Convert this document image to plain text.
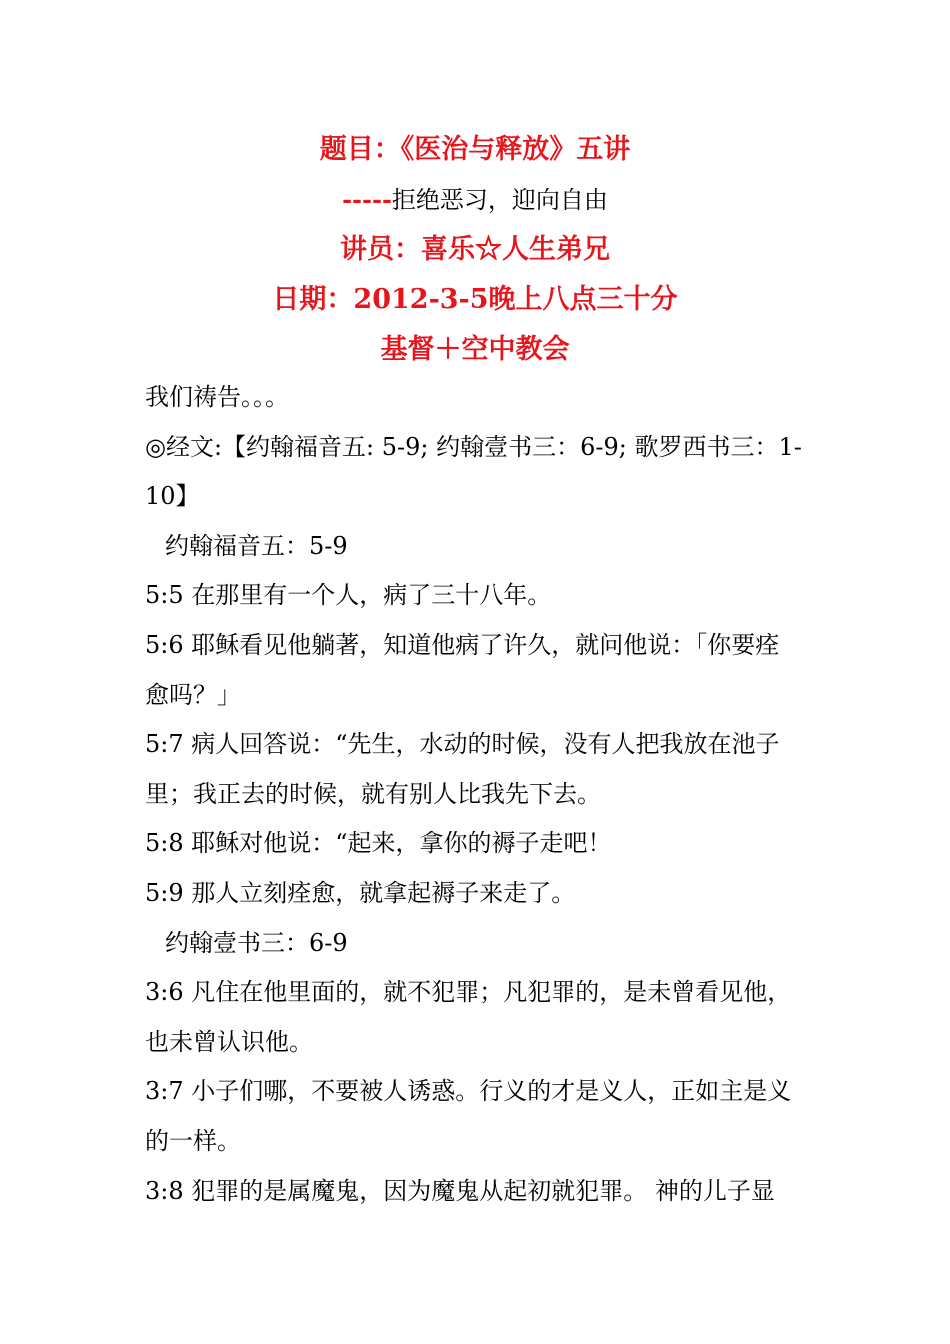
题目：《医治与释放》五讲
-----拒绝恶习，迎向自由
讲员：喜乐☆人生弟兄
日期：2012-3-5晚上八点三十分
基督＋空中教会
我们祷告。。。
◎经文:【约翰福音五: 5-9; 约翰壹书三：6-9; 歌罗西书三：1-
10】
约翰福音五：5-9
5:5 在那里有一个人，病了三十八年。
5:6 耶稣看见他躺著，知道他病了许久，就问他说：「你要痊
愈吗？」
5:7 病人回答说：“先生，水动的时候，没有人把我放在池子
里；我正去的时候，就有别人比我先下去。
5:8 耶稣对他说：“起来，拿你的褥子走吧！
5:9 那人立刻痊愈，就拿起褥子来走了。
约翰壹书三：6-9
3:6 凡住在他里面的，就不犯罪；凡犯罪的，是未曾看见他，
也未曾认识他。
3:7 小子们哪，不要被人诱惑。行义的才是义人，正如主是义
的一样。
3:8 犯罪的是属魔鬼，因为魔鬼从起初就犯罪。 神的儿子显
